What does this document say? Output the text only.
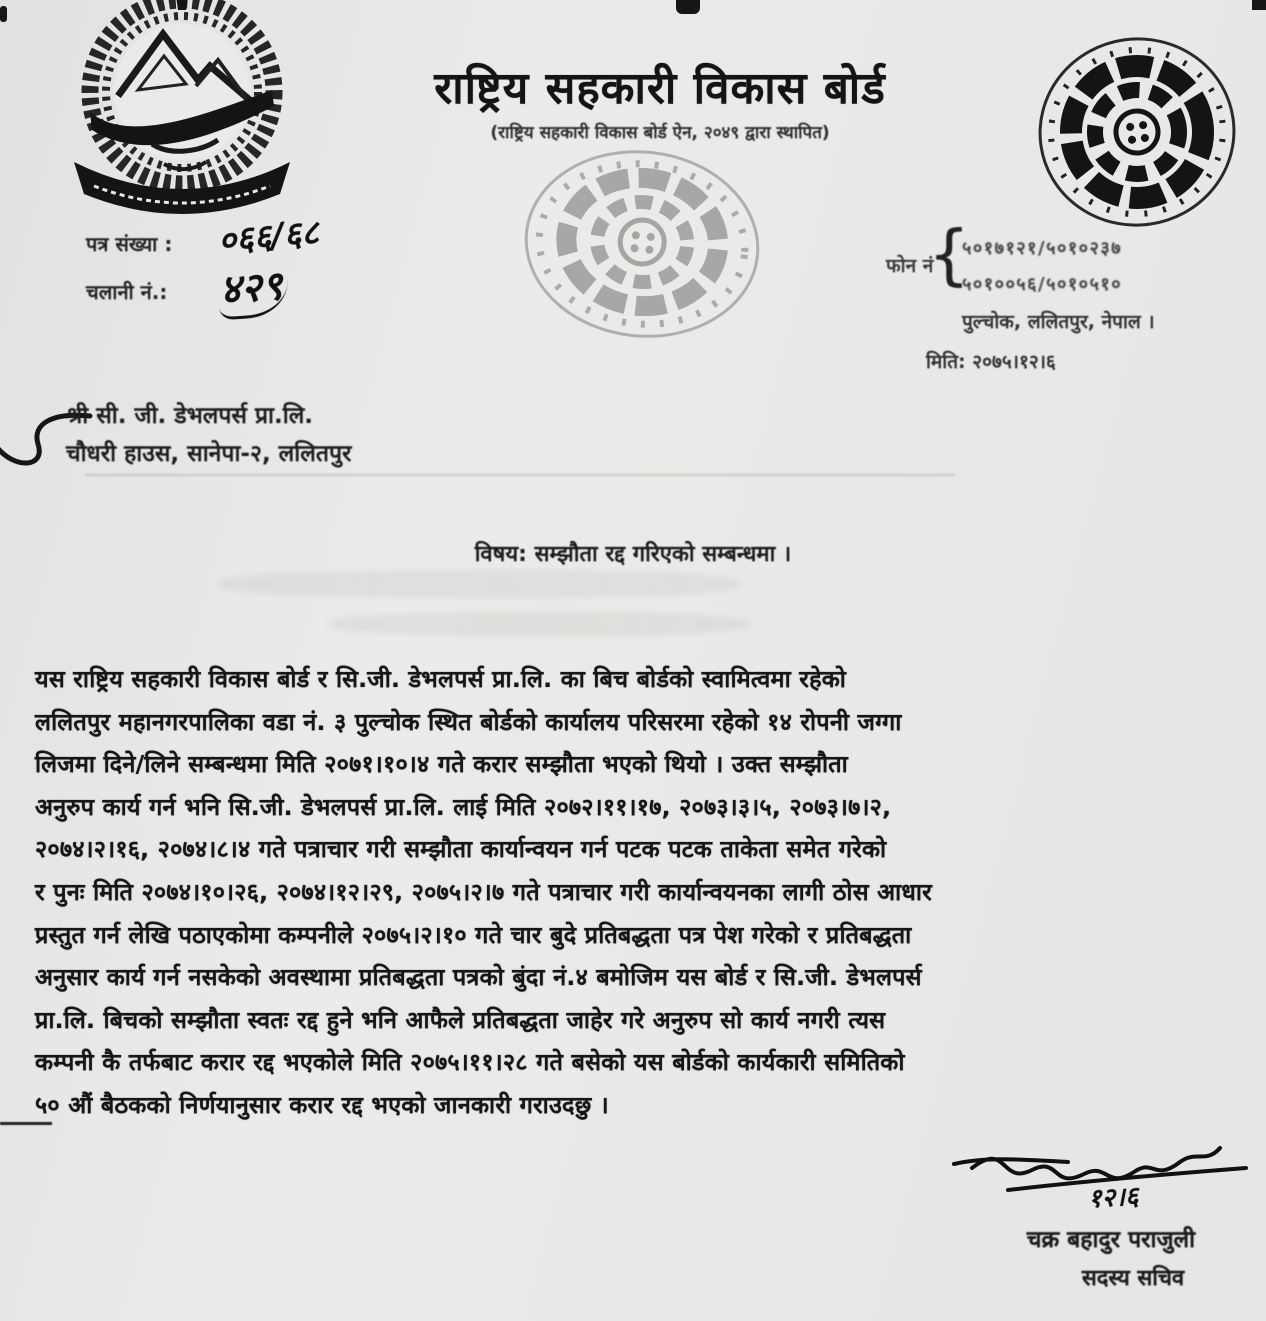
राष्ट्रिय सहकारी विकास बोर्ड
(राष्ट्रिय सहकारी विकास बोर्ड ऐन, २०४९ द्वारा स्थापित)
पत्र संख्या : ०६६/६८
चलानी नं.: ४२९	फोन नं
{
५०१७१२१/५०१०२३७
५०१००५६/५०१०५१०
पुल्चोक, ललितपुर, नेपाल ।
मिति: २०७५।१२।६
श्री सी. जी. डेभलपर्स प्रा.लि.
चौधरी हाउस, सानेपा-२, ललितपुर
विषय: सम्झौता रद्द गरिएको सम्बन्धमा ।
यस राष्ट्रिय सहकारी विकास बोर्ड र सि.जी. डेभलपर्स प्रा.लि. का बिच बोर्डको स्वामित्वमा रहेको
ललितपुर महानगरपालिका वडा नं. ३ पुल्चोक स्थित बोर्डको कार्यालय परिसरमा रहेको १४ रोपनी जग्गा
लिजमा दिने/लिने सम्बन्धमा मिति २०७१।१०।४ गते करार सम्झौता भएको थियो । उक्त सम्झौता
अनुरुप कार्य गर्न भनि सि.जी. डेभलपर्स प्रा.लि. लाई मिति २०७२।११।१७, २०७३।३।५, २०७३।७।२,
२०७४।२।१६, २०७४।८।४ गते पत्राचार गरी सम्झौता कार्यान्वयन गर्न पटक पटक ताकेता समेत गरेको
र पुनः मिति २०७४।१०।२६, २०७४।१२।२९, २०७५।२।७ गते पत्राचार गरी कार्यान्वयनका लागी ठोस आधार
प्रस्तुत गर्न लेखि पठाएकोमा कम्पनीले २०७५।२।१० गते चार बुदे प्रतिबद्धता पत्र पेश गरेको र प्रतिबद्धता
अनुसार कार्य गर्न नसकेको अवस्थामा प्रतिबद्धता पत्रको बुंदा नं.४ बमोजिम यस बोर्ड र सि.जी. डेभलपर्स
प्रा.लि. बिचको सम्झौता स्वतः रद्द हुने भनि आफैले प्रतिबद्धता जाहेर गरे अनुरुप सो कार्य नगरी त्यस
कम्पनी कै तर्फबाट करार रद्द भएकोले मिति २०७५।११।२८ गते बसेको यस बोर्डको कार्यकारी समितिको
५० औं बैठकको निर्णयानुसार करार रद्द भएको जानकारी गराउदछु ।
१२।६
चक्र बहादुर पराजुली
सदस्य सचिव
